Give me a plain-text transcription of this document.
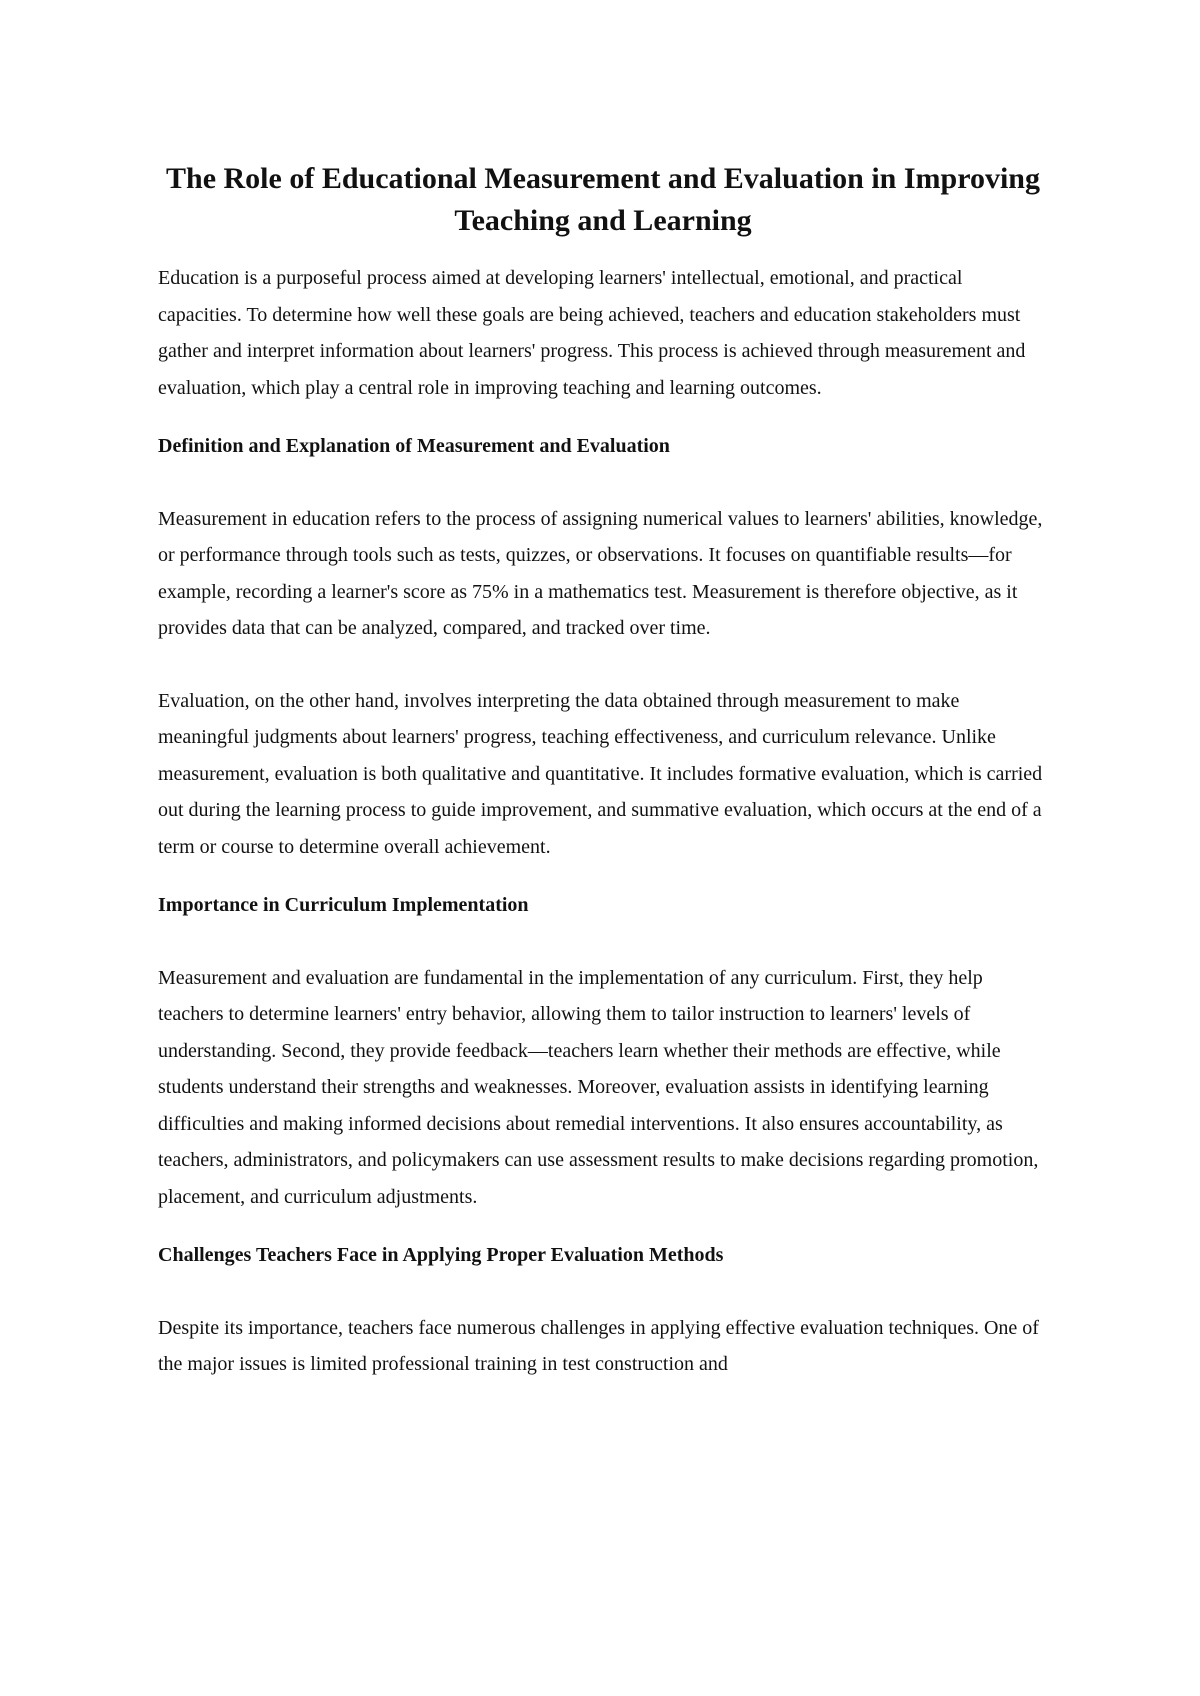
The Role of Educational Measurement and Evaluation in Improving Teaching and Learning

Education is a purposeful process aimed at developing learners' intellectual, emotional, and practical capacities. To determine how well these goals are being achieved, teachers and education stakeholders must gather and interpret information about learners' progress. This process is achieved through measurement and evaluation, which play a central role in improving teaching and learning outcomes.

Definition and Explanation of Measurement and Evaluation

Measurement in education refers to the process of assigning numerical values to learners' abilities, knowledge, or performance through tools such as tests, quizzes, or observations. It focuses on quantifiable results—for example, recording a learner's score as 75% in a mathematics test. Measurement is therefore objective, as it provides data that can be analyzed, compared, and tracked over time.

Evaluation, on the other hand, involves interpreting the data obtained through measurement to make meaningful judgments about learners' progress, teaching effectiveness, and curriculum relevance. Unlike measurement, evaluation is both qualitative and quantitative. It includes formative evaluation, which is carried out during the learning process to guide improvement, and summative evaluation, which occurs at the end of a term or course to determine overall achievement.

Importance in Curriculum Implementation

Measurement and evaluation are fundamental in the implementation of any curriculum. First, they help teachers to determine learners' entry behavior, allowing them to tailor instruction to learners' levels of understanding. Second, they provide feedback—teachers learn whether their methods are effective, while students understand their strengths and weaknesses. Moreover, evaluation assists in identifying learning difficulties and making informed decisions about remedial interventions. It also ensures accountability, as teachers, administrators, and policymakers can use assessment results to make decisions regarding promotion, placement, and curriculum adjustments.

Challenges Teachers Face in Applying Proper Evaluation Methods

Despite its importance, teachers face numerous challenges in applying effective evaluation techniques. One of the major issues is limited professional training in test construction and
